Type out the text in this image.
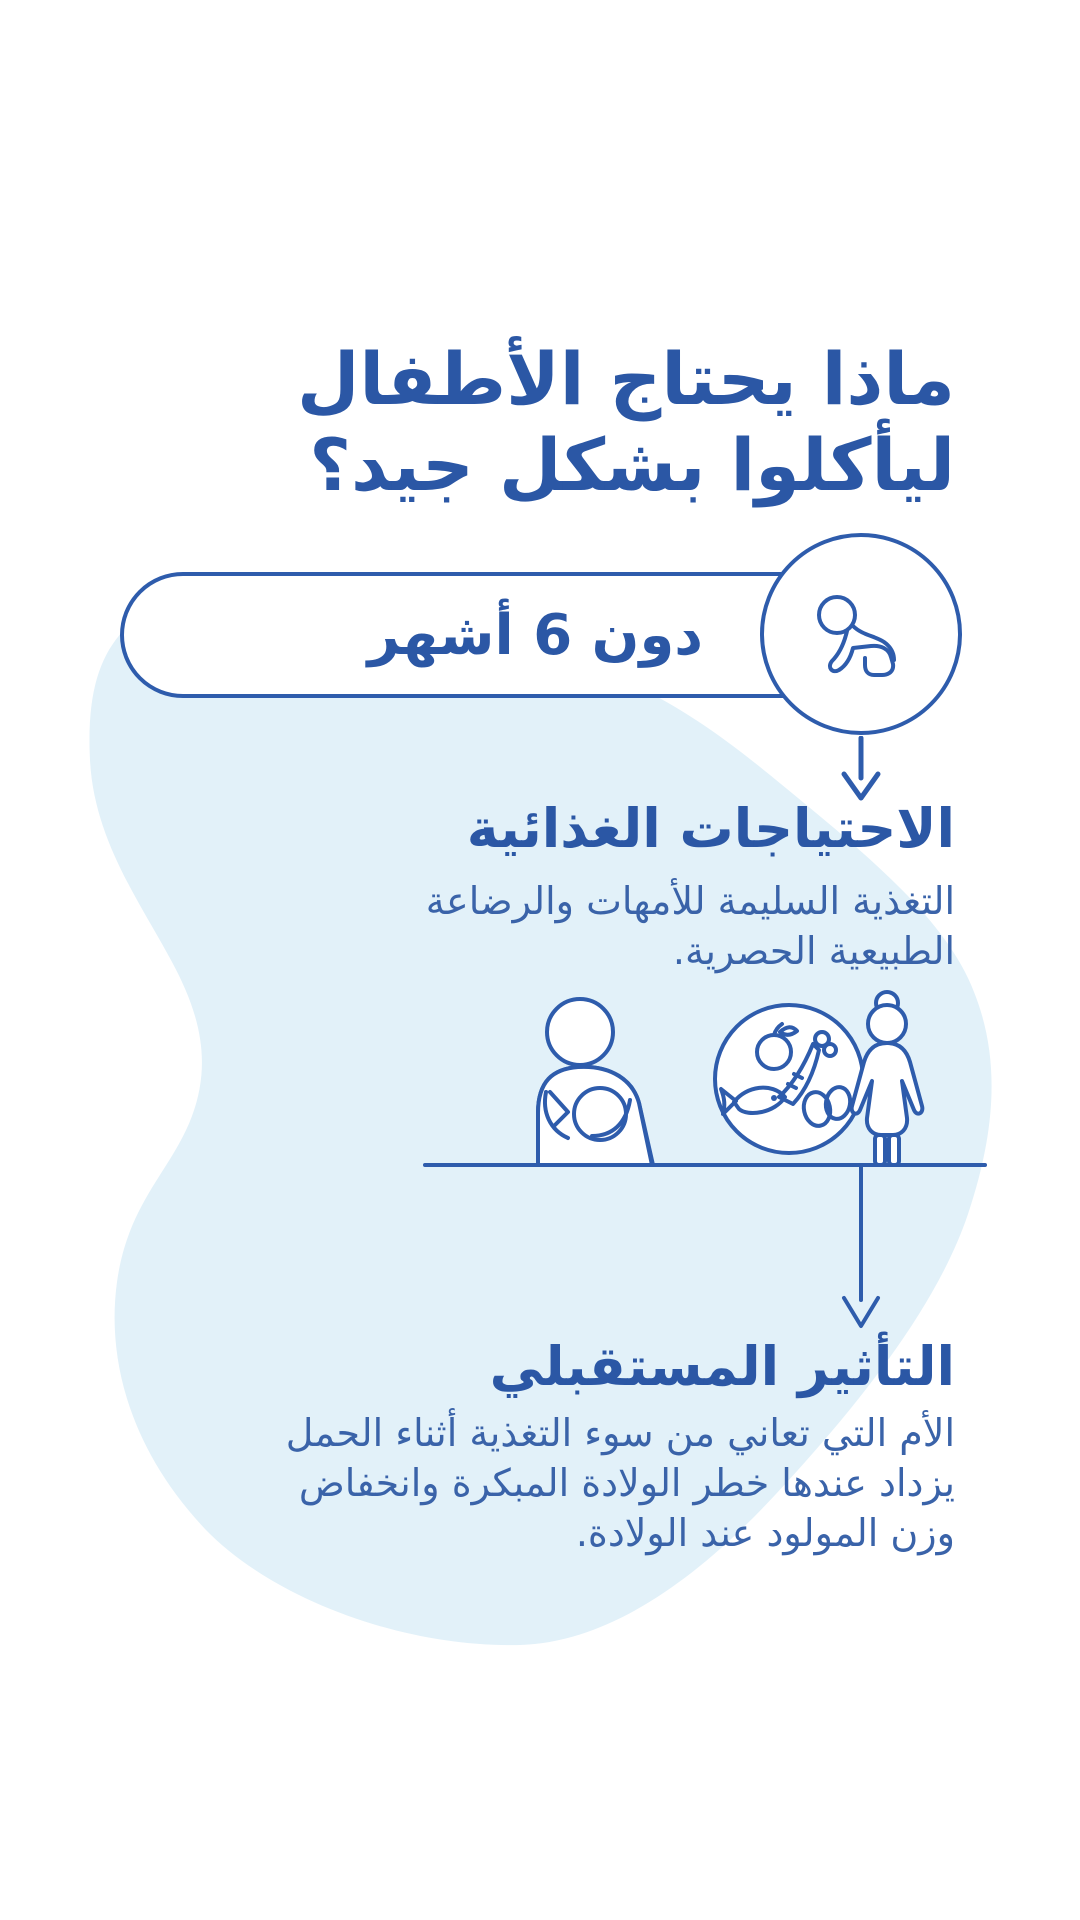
ماذا يحتاج الأطفال
ليأكلوا بشكل جيد؟
دون 6 أشهر
الاحتياجات الغذائية
التغذية السليمة للأمهات والرضاعة
الطبيعية الحصرية.
التأثير المستقبلي
الأم التي تعاني من سوء التغذية أثناء الحمل
يزداد عندها خطر الولادة المبكرة وانخفاض
وزن المولود عند الولادة.
